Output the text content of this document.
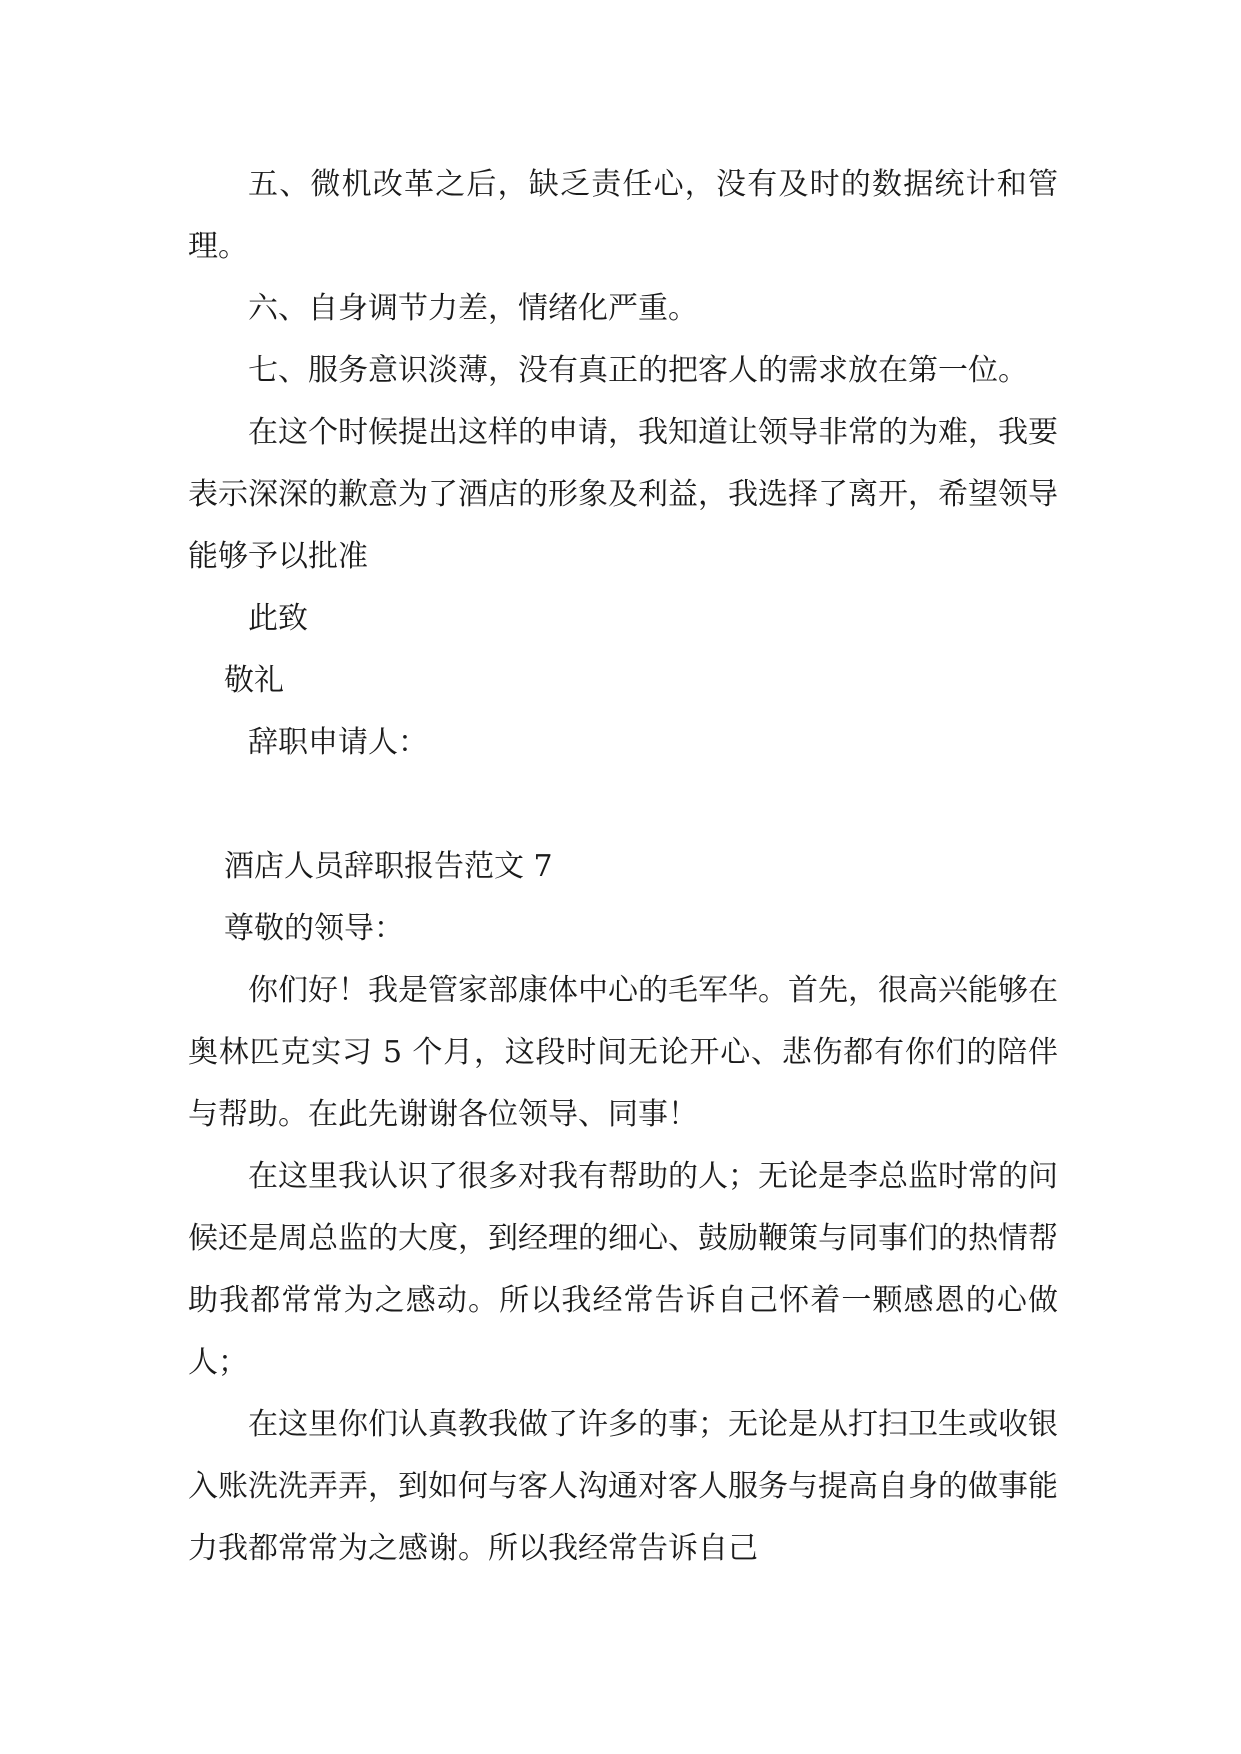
五、微机改革之后，缺乏责任心，没有及时的数据统计和管理。

六、自身调节力差，情绪化严重。

七、服务意识淡薄，没有真正的把客人的需求放在第一位。

在这个时候提出这样的申请，我知道让领导非常的为难，我要表示深深的歉意为了酒店的形象及利益，我选择了离开，希望领导能够予以批准

此致

敬礼

辞职申请人：

酒店人员辞职报告范文 7

尊敬的领导：

你们好！我是管家部康体中心的毛军华。首先，很高兴能够在奥林匹克实习 5 个月，这段时间无论开心、悲伤都有你们的陪伴与帮助。在此先谢谢各位领导、同事！

在这里我认识了很多对我有帮助的人；无论是李总监时常的问候还是周总监的大度，到经理的细心、鼓励鞭策与同事们的热情帮助我都常常为之感动。所以我经常告诉自己怀着一颗感恩的心做人；

在这里你们认真教我做了许多的事；无论是从打扫卫生或收银入账洗洗弄弄，到如何与客人沟通对客人服务与提高自身的做事能力我都常常为之感谢。所以我经常告诉自己
